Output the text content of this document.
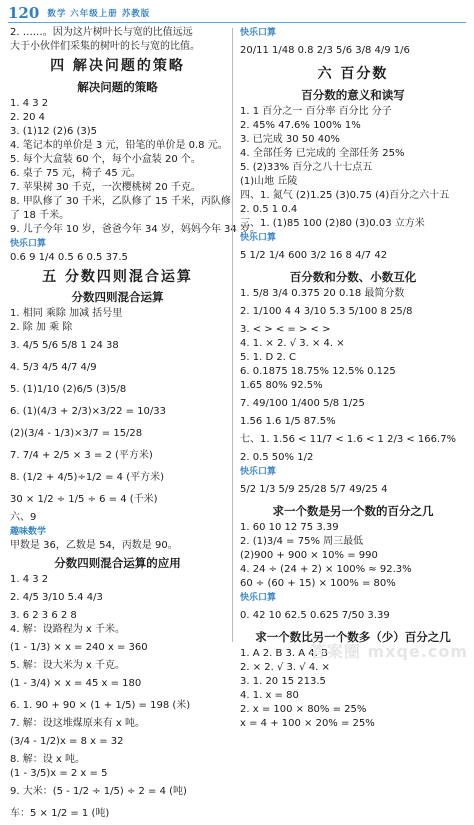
120 数学 六年级上册 苏教版
2. ……。因为这片树叶长与宽的比值远远
大于小伙伴们采集的树叶的长与宽的比值。
四 解决问题的策略
解决问题的策略
1. 4 3 2
2. 20 4
3. (1)12 (2)6 (3)5
4. 笔记本的单价是 3 元，铅笔的单价是 0.8 元。
5. 每个大盒装 60 个，每个小盒装 20 个。
6. 桌子 75 元，椅子 45 元。
7. 苹果树 30 千克，一次樱桃树 20 千克。
8. 甲队修了 30 千米，乙队修了 15 千米，丙队修
了 18 千米。
9. 儿子今年 10 岁，爸爸今年 34 岁，妈妈今年 34 岁。
快乐口算
0.6 9 1/4 0.5 6 0.5 37.5
五 分数四则混合运算
分数四则混合运算
1. 相同 乘除 加减 括号里
2. 除 加 乘 除
3. 4/5 5/6 5/8 1 24 38
4. 5/3 4/5 4/7 4/9
5. (1)1/10 (2)6/5 (3)5/8
6. (1)(4/3 + 2/3)×3/22 = 10/33
(2)(3/4 - 1/3)×3/7 = 15/28
7. 7/4 + 2/5 × 3 = 2 (平方米)
8. (1/2 + 4/5)÷1/2 = 4 (平方米)
30 × 1/2 ÷ 1/5 ÷ 6 = 4 (千米)
六、9
趣味数学
甲数是 36，乙数是 54，丙数是 90。
分数四则混合运算的应用
1. 4 3 2
2. 4/5 3/10 5.4 4/3
3. 6 2 3 6 2 8
4. 解：设路程为 x 千米。
(1 - 1/3) × x = 240 x = 360
5. 解：设大米为 x 千克。
(1 - 3/4) × x = 45 x = 180
6. 1. 90 + 90 × (1 + 1/5) = 198 (米)
7. 解：设这堆煤原来有 x 吨。
(3/4 - 1/2)x = 8 x = 32
8. 解：设 x 吨。
(1 - 3/5)x = 2 x = 5
9. 大米：(5 - 1/2 ÷ 1/5) ÷ 2 = 4 (吨)
车：5 × 1/2 = 1 (吨)
快乐口算
20/11 1/48 0.8 2/3 5/6 3/8 4/9 1/6
六 百分数
百分数的意义和读写
1. 1 百分之一 百分率 百分比 分子
2. 45% 47.6% 100% 1%
3. 已完成 30 50 40%
4. 全部任务 已完成的 全部任务 25%
5. (2)33% 百分之八十七点五
(1)山地 丘陵
四、1. 氮气 (2)1.25 (3)0.75 (4)百分之六十五
2. 0.5 1 0.4
三、1. (1)85 100 (2)80 (3)0.03 立方米
快乐口算
5 1/2 1/4 600 3/2 16 8 4/7 42
百分数和分数、小数互化
1. 5/8 3/4 0.375 20 0.18 最简分数
2. 1/100 4 4 3/10 5.3 5/100 8 25/8
3. < > < = > < >
4. 1. × 2. √ 3. × 4. ×
5. 1. D 2. C
6. 0.1875 18.75% 12.5% 0.125
1.65 80% 92.5%
7. 49/100 1/400 5/8 1/25
1.56 1.6 1/5 87.5%
七、1. 1.56 < 11/7 < 1.6 < 1 2/3 < 166.7%
2. 0.5 50% 1/2
快乐口算
5/2 1/3 5/9 25/28 5/7 49/25 4
求一个数是另一个数的百分之几
1. 60 10 12 75 3.39
2. (1)3/4 = 75% 周三最低
(2)900 + 900 × 10% = 990
4. 24 ÷ (24 + 2) × 100% ≈ 92.3%
60 ÷ (60 + 15) × 100% = 80%
快乐口算
0. 42 10 62.5 0.625 7/50 3.39
求一个数比另一个数多（少）百分之几
1. A 2. B 3. A 4. B
2. × 2. √ 3. √ 4. ×
3. 1. 20 15 213.5
4. 1. x = 80
2. x = 100 × 80% = 25%
x = 4 + 100 × 20% = 25%
答案圈 mxqe.com
